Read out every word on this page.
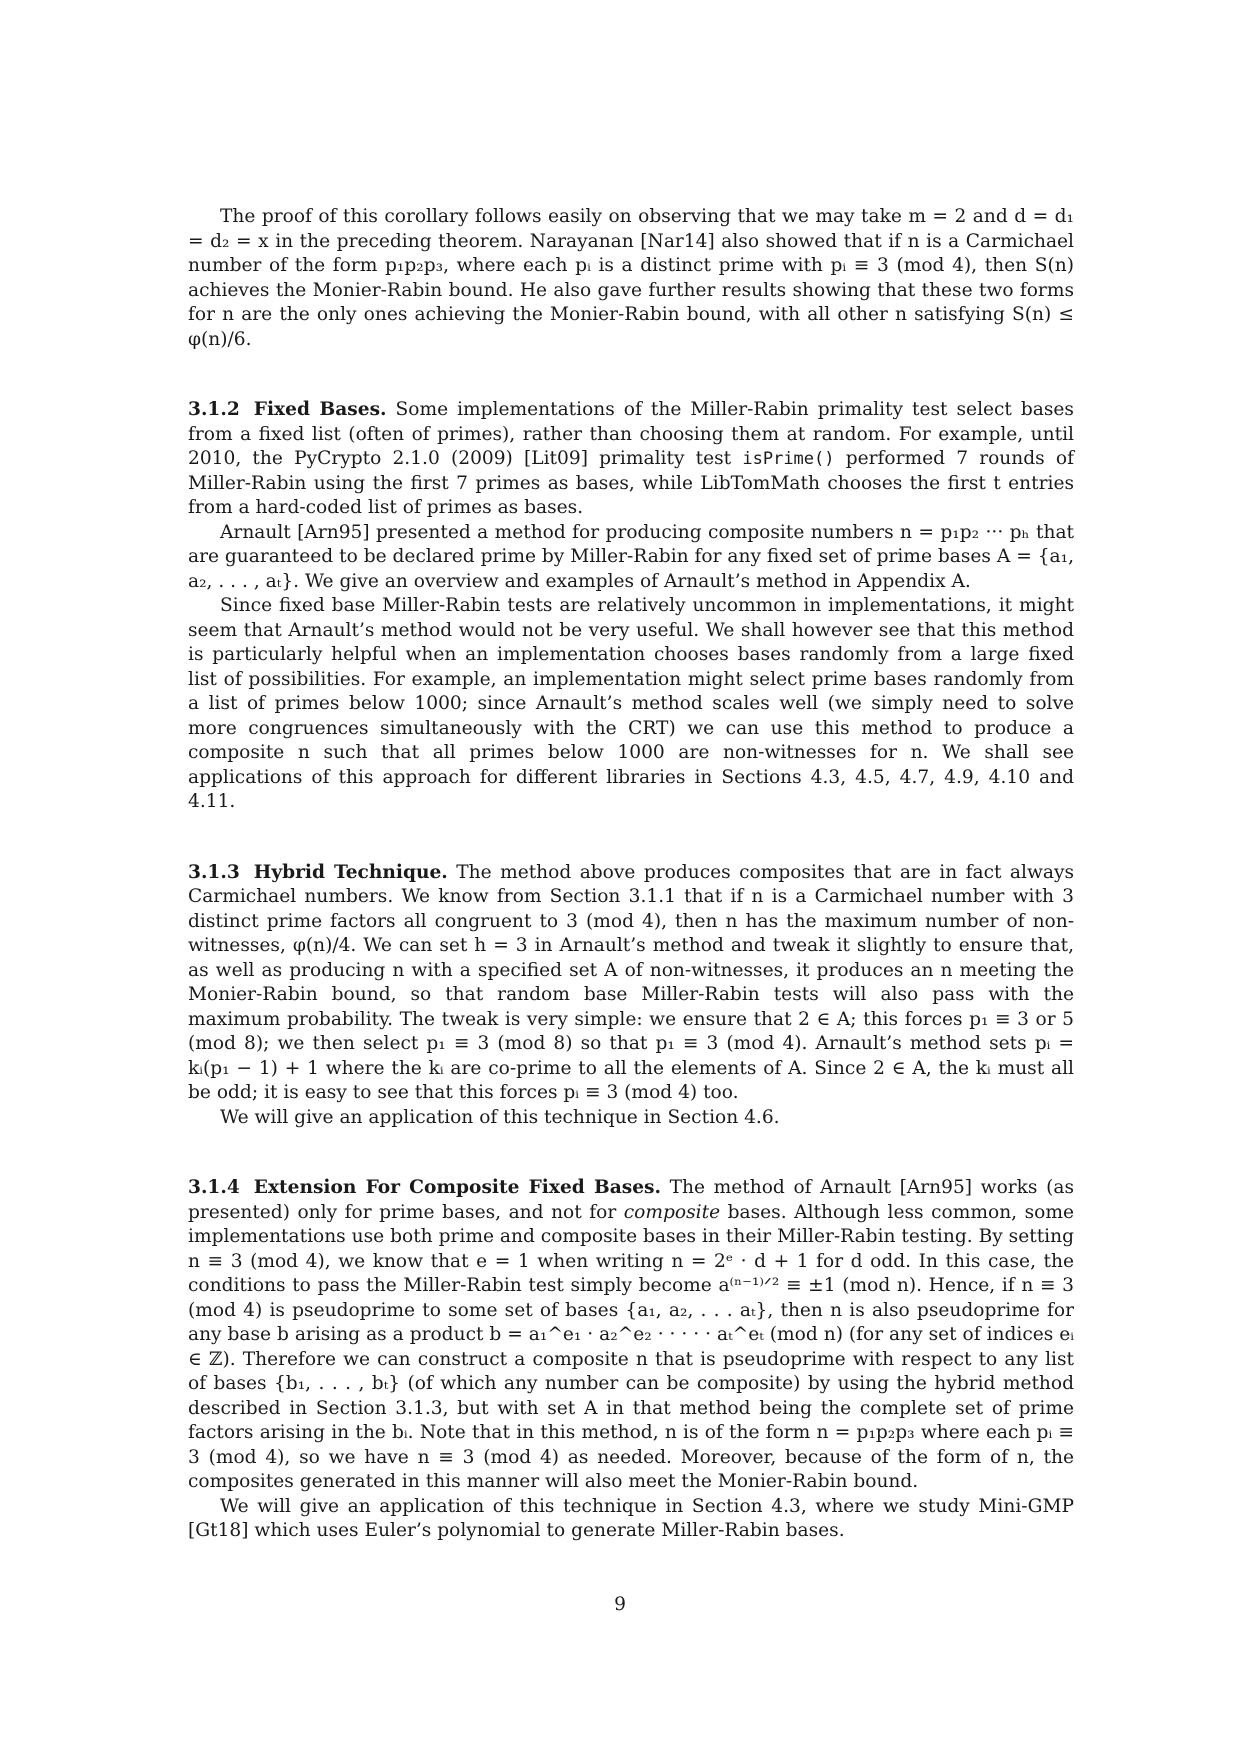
The proof of this corollary follows easily on observing that we may take m = 2 and d = d₁ = d₂ = x in the preceding theorem. Narayanan [Nar14] also showed that if n is a Carmichael number of the form p₁p₂p₃, where each pᵢ is a distinct prime with pᵢ ≡ 3 (mod 4), then S(n) achieves the Monier-Rabin bound. He also gave further results showing that these two forms for n are the only ones achieving the Monier-Rabin bound, with all other n satisfying S(n) ≤ φ(n)/6.

3.1.2 Fixed Bases. Some implementations of the Miller-Rabin primality test select bases from a fixed list (often of primes), rather than choosing them at random. For example, until 2010, the PyCrypto 2.1.0 (2009) [Lit09] primality test isPrime() performed 7 rounds of Miller-Rabin using the first 7 primes as bases, while LibTomMath chooses the first t entries from a hard-coded list of primes as bases.

Arnault [Arn95] presented a method for producing composite numbers n = p₁p₂ ··· pₕ that are guaranteed to be declared prime by Miller-Rabin for any fixed set of prime bases A = {a₁, a₂, . . . , aₜ}. We give an overview and examples of Arnault’s method in Appendix A.

Since fixed base Miller-Rabin tests are relatively uncommon in implementations, it might seem that Arnault’s method would not be very useful. We shall however see that this method is particularly helpful when an implementation chooses bases randomly from a large fixed list of possibilities. For example, an implementation might select prime bases randomly from a list of primes below 1000; since Arnault’s method scales well (we simply need to solve more congruences simultaneously with the CRT) we can use this method to produce a composite n such that all primes below 1000 are non-witnesses for n. We shall see applications of this approach for different libraries in Sections 4.3, 4.5, 4.7, 4.9, 4.10 and 4.11.

3.1.3 Hybrid Technique. The method above produces composites that are in fact always Carmichael numbers. We know from Section 3.1.1 that if n is a Carmichael number with 3 distinct prime factors all congruent to 3 (mod 4), then n has the maximum number of non-witnesses, φ(n)/4. We can set h = 3 in Arnault’s method and tweak it slightly to ensure that, as well as producing n with a specified set A of non-witnesses, it produces an n meeting the Monier-Rabin bound, so that random base Miller-Rabin tests will also pass with the maximum probability. The tweak is very simple: we ensure that 2 ∈ A; this forces p₁ ≡ 3 or 5 (mod 8); we then select p₁ ≡ 3 (mod 8) so that p₁ ≡ 3 (mod 4). Arnault’s method sets pᵢ = kᵢ(p₁ − 1) + 1 where the kᵢ are co-prime to all the elements of A. Since 2 ∈ A, the kᵢ must all be odd; it is easy to see that this forces pᵢ ≡ 3 (mod 4) too.

We will give an application of this technique in Section 4.6.

3.1.4 Extension For Composite Fixed Bases. The method of Arnault [Arn95] works (as presented) only for prime bases, and not for composite bases. Although less common, some implementations use both prime and composite bases in their Miller-Rabin testing. By setting n ≡ 3 (mod 4), we know that e = 1 when writing n = 2ᵉ · d + 1 for d odd. In this case, the conditions to pass the Miller-Rabin test simply become a⁽ⁿ⁻¹⁾ᐟ² ≡ ±1 (mod n). Hence, if n ≡ 3 (mod 4) is pseudoprime to some set of bases {a₁, a₂, . . . aₜ}, then n is also pseudoprime for any base b arising as a product b = a₁^e₁ · a₂^e₂ · · · · · aₜ^eₜ (mod n) (for any set of indices eᵢ ∈ ℤ). Therefore we can construct a composite n that is pseudoprime with respect to any list of bases {b₁, . . . , bₜ} (of which any number can be composite) by using the hybrid method described in Section 3.1.3, but with set A in that method being the complete set of prime factors arising in the bᵢ. Note that in this method, n is of the form n = p₁p₂p₃ where each pᵢ ≡ 3 (mod 4), so we have n ≡ 3 (mod 4) as needed. Moreover, because of the form of n, the composites generated in this manner will also meet the Monier-Rabin bound.

We will give an application of this technique in Section 4.3, where we study Mini-GMP [Gt18] which uses Euler’s polynomial to generate Miller-Rabin bases.

9
